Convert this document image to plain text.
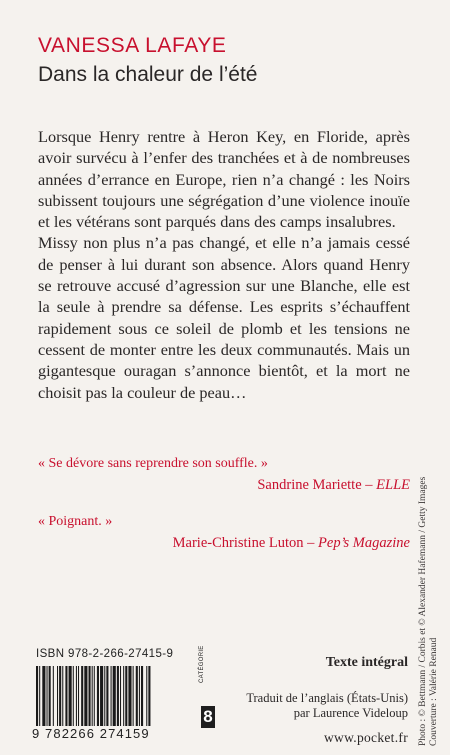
VANESSA LAFAYE
Dans la chaleur de l’été

Lorsque Henry rentre à Heron Key, en Floride, après avoir survécu à l’enfer des tranchées et à de nombreuses années d’errance en Europe, rien n’a changé : les Noirs subissent toujours une ségrégation d’une violence inouïe et les vétérans sont parqués dans des camps insalubres.

Missy non plus n’a pas changé, et elle n’a jamais cessé de penser à lui durant son absence. Alors quand Henry se retrouve accusé d’agression sur une Blanche, elle est la seule à prendre sa défense. Les esprits s’échauffent rapidement sous ce soleil de plomb et les tensions ne cessent de monter entre les deux communautés. Mais un gigantesque ouragan s’annonce bientôt, et la mort ne choisit pas la couleur de peau…

« Se dévore sans reprendre son souffle. »
Sandrine Mariette – ELLE
« Poignant. »
Marie-Christine Luton – Pep’s Magazine Photo : © Bettmann / Corbis et © Alexander Hafemann / Getty Images Couverture : Valérie Renaud
ISBN 978-2-266-27415-9
9 782266 274159
CATÉGORIE
8
Texte intégral
Traduit de l’anglais (États-Unis)
par Laurence Videloup
www.pocket.fr
